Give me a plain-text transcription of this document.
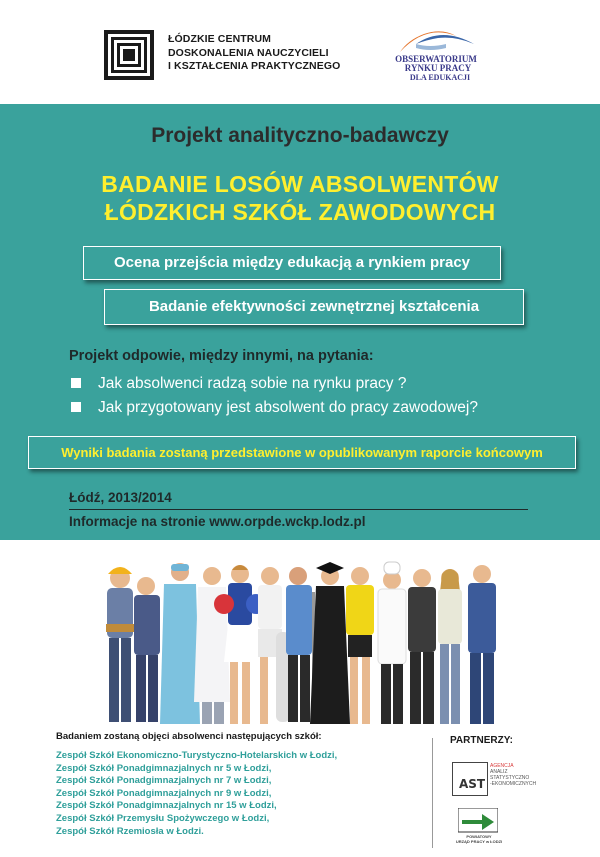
ŁÓDZKIE CENTRUM
DOSKONALENIA NAUCZYCIELI
I KSZTAŁCENIA PRAKTYCZNEGO
OBSERWATORIUM
RYNKU PRACY
DLA EDUKACJI
Projekt analityczno-badawczy
BADANIE LOSÓW ABSOLWENTÓW
ŁÓDZKICH SZKÓŁ ZAWODOWYCH
Ocena przejścia między edukacją a rynkiem pracy
Badanie efektywności zewnętrznej kształcenia
Projekt odpowie, między innymi, na pytania:
Jak absolwenci radzą sobie na rynku pracy ?
Jak przygotowany jest absolwent do pracy zawodowej?
Wyniki badania zostaną przedstawione w opublikowanym raporcie końcowym
Łódź, 2013/2014
Informacje na stronie www.orpde.wckp.lodz.pl
Badaniem zostaną objęci absolwenci następujących szkół:
Zespół Szkół Ekonomiczno-Turystyczno-Hotelarskich w Łodzi,
Zespół Szkół Ponadgimnazjalnych nr 5 w Łodzi,
Zespół Szkół Ponadgimnazjalnych nr 7 w Łodzi,
Zespół Szkół Ponadgimnazjalnych nr 9 w Łodzi,
Zespół Szkół Ponadgimnazjalnych nr 15 w Łodzi,
Zespół Szkół Przemysłu Spożywczego w Łodzi,
Zespół Szkół Rzemiosła w Łodzi.
PARTNERZY:
AST
AGENCJA
ANALIZ
STATYSTYCZNO
-EKONOMICZNYCH
POWIATOWY
URZĄD PRACY w ŁODZI
